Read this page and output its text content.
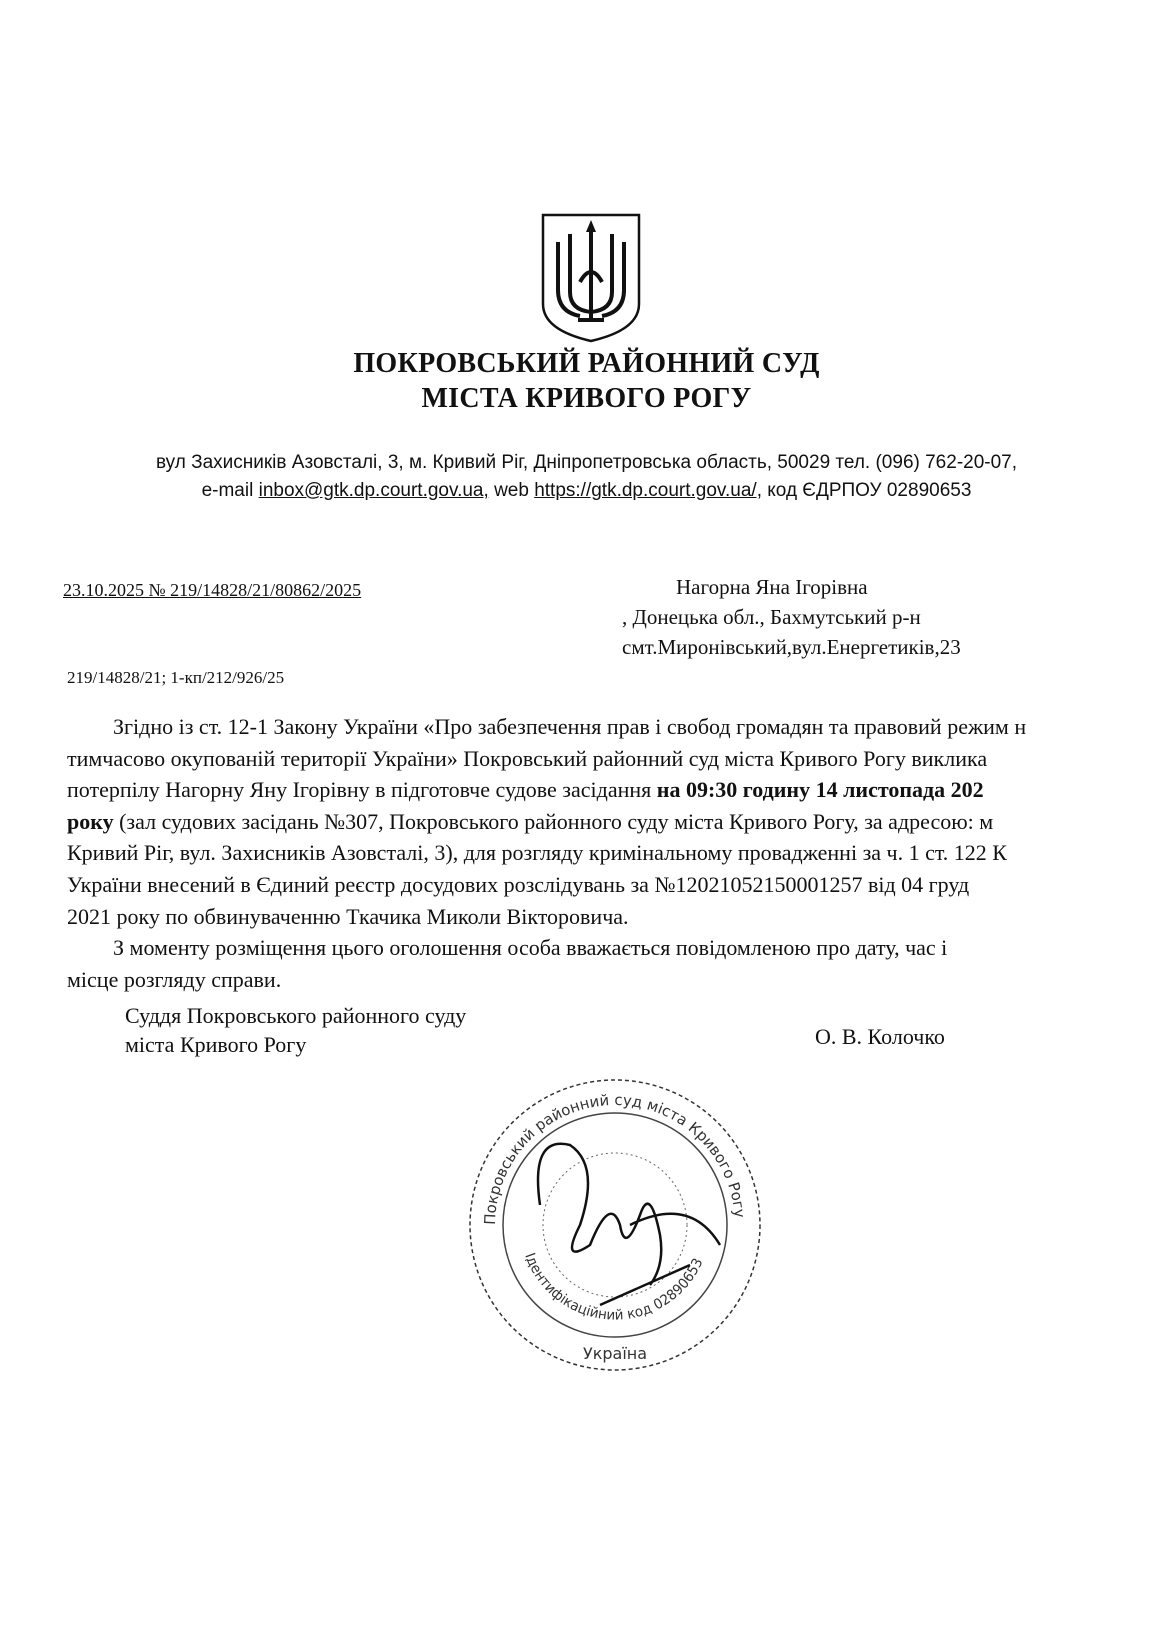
ПОКРОВСЬКИЙ РАЙОННИЙ СУД
МІСТА КРИВОГО РОГУ
вул Захисників Азовсталі, 3, м. Кривий Ріг, Дніпропетровська область, 50029 тел. (096) 762-20-07,
e-mail inbox@gtk.dp.court.gov.ua, web https://gtk.dp.court.gov.ua/, код ЄДРПОУ 02890653
23.10.2025 № 219/14828/21/80862/2025	Нагорна Яна Ігорівна
, Донецька обл., Бахмутський р-н
смт.Миронівський,вул.Енергетиків,23
219/14828/21; 1-кп/212/926/25
Згідно із ст. 12-1 Закону України «Про забезпечення прав і свобод громадян та правовий режим н
тимчасово окупованій території України» Покровський районний суд міста Кривого Рогу виклика
потерпілу Нагорну Яну Ігорівну в підготовче судове засідання на 09:30 годину 14 листопада 202
року (зал судових засідань №307, Покровського районного суду міста Кривого Рогу, за адресою: м
Кривий Ріг, вул. Захисників Азовсталі, 3), для розгляду кримінальному провадженні за ч. 1 ст. 122 К
України внесений в Єдиний реєстр досудових розслідувань за №12021052150001257 від 04 груд
2021 року по обвинуваченню Ткачика Миколи Вікторовича.
З моменту розміщення цього оголошення особа вважається повідомленою про дату, час і
місце розгляду справи.
Суддя Покровського районного суду
міста Кривого Рогу	О. В. Колочко
Покровський районний суд міста Кривого Рогу
Ідентифікаційний код 02890653
Україна
